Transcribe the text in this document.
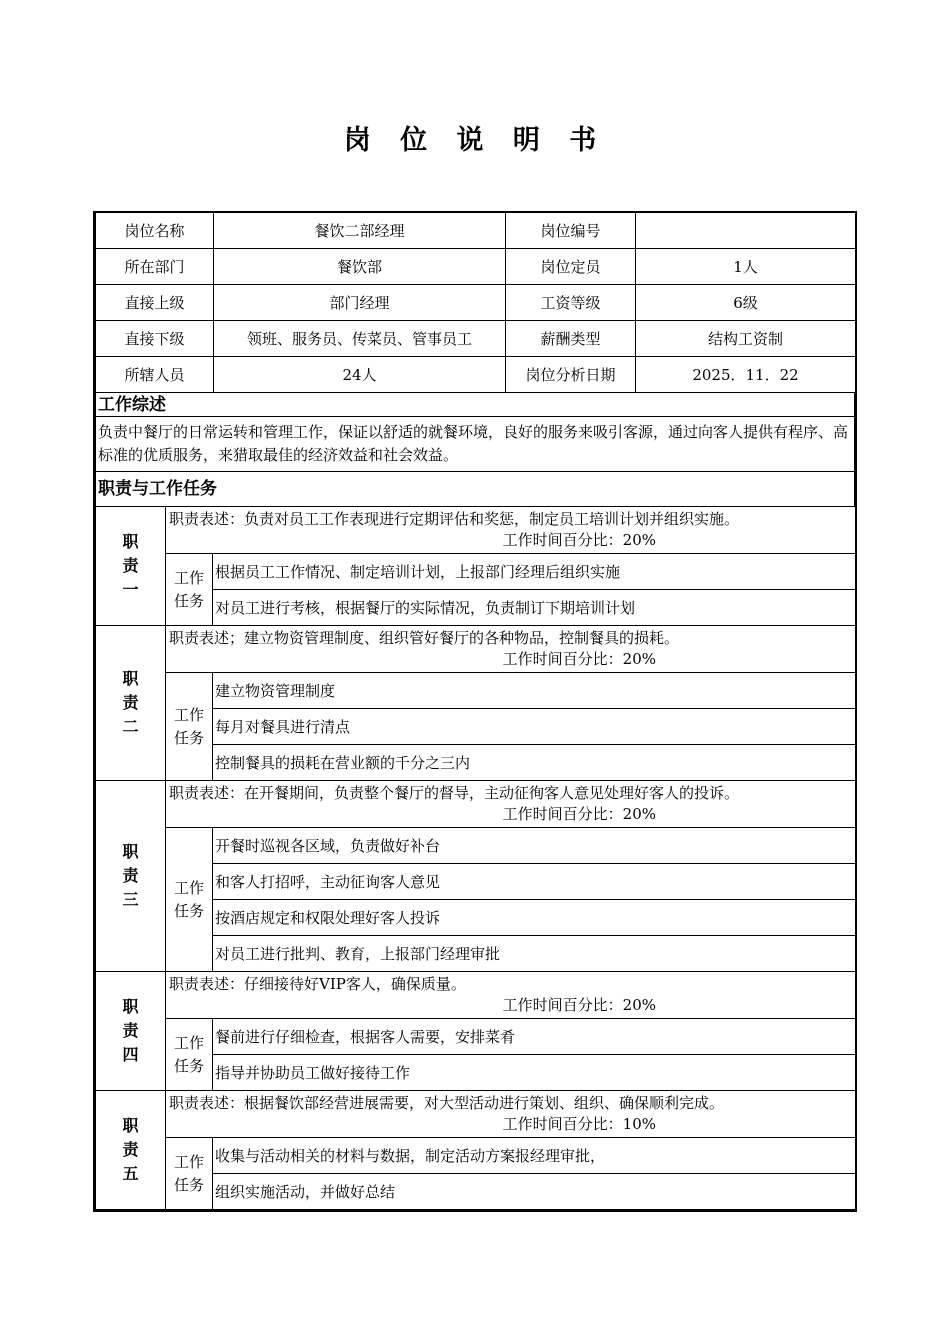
岗 位 说 明 书
岗位名称	餐饮二部经理	岗位编号	
所在部门	餐饮部	岗位定员	1人
直接上级	部门经理	工资等级	6级
直接下级	领班、服务员、传菜员、管事员工	薪酬类型	结构工资制
所辖人员	24人	岗位分析日期	2025．11．22
工作综述
负责中餐厅的日常运转和管理工作，保证以舒适的就餐环境，良好的服务来吸引客源，通过向客人提供有程序、高标准的优质服务，来猎取最佳的经济效益和社会效益。
职责与工作任务
职责一	职责表述：负责对员工工作表现进行定期评估和奖惩，制定员工培训计划并组织实施。
工作时间百分比：20%	

	工作任务	根据员工工作情况、制定培训计划，上报部门经理后组织实施
		对员工进行考核，根据餐厅的实际情况，负责制订下期培训计划
职责二	职责表述；建立物资管理制度、组织管好餐厅的各种物品，控制餐具的损耗。
工作时间百分比：20%	

	工作任务	建立物资管理制度
		每月对餐具进行清点
		控制餐具的损耗在营业额的千分之三内
职责三	职责表述：在开餐期间，负责整个餐厅的督导，主动征徇客人意见处理好客人的投诉。
工作时间百分比：20%	

	工作任务	开餐时巡视各区域，负责做好补台
		和客人打招呼，主动征询客人意见
		按酒店规定和权限处理好客人投诉
		对员工进行批判、教育，上报部门经理审批
职责四	职责表述：仔细接待好VIP客人，确保质量。
工作时间百分比：20%	

	工作任务	餐前进行仔细检查，根据客人需要，安排菜肴
		指导并协助员工做好接待工作
职责五	职责表述：根据餐饮部经营进展需要，对大型活动进行策划、组织、确保顺利完成。
工作时间百分比：10%	

	工作任务	收集与活动相关的材料与数据，制定活动方案报经理审批，
		组织实施活动，并做好总结
